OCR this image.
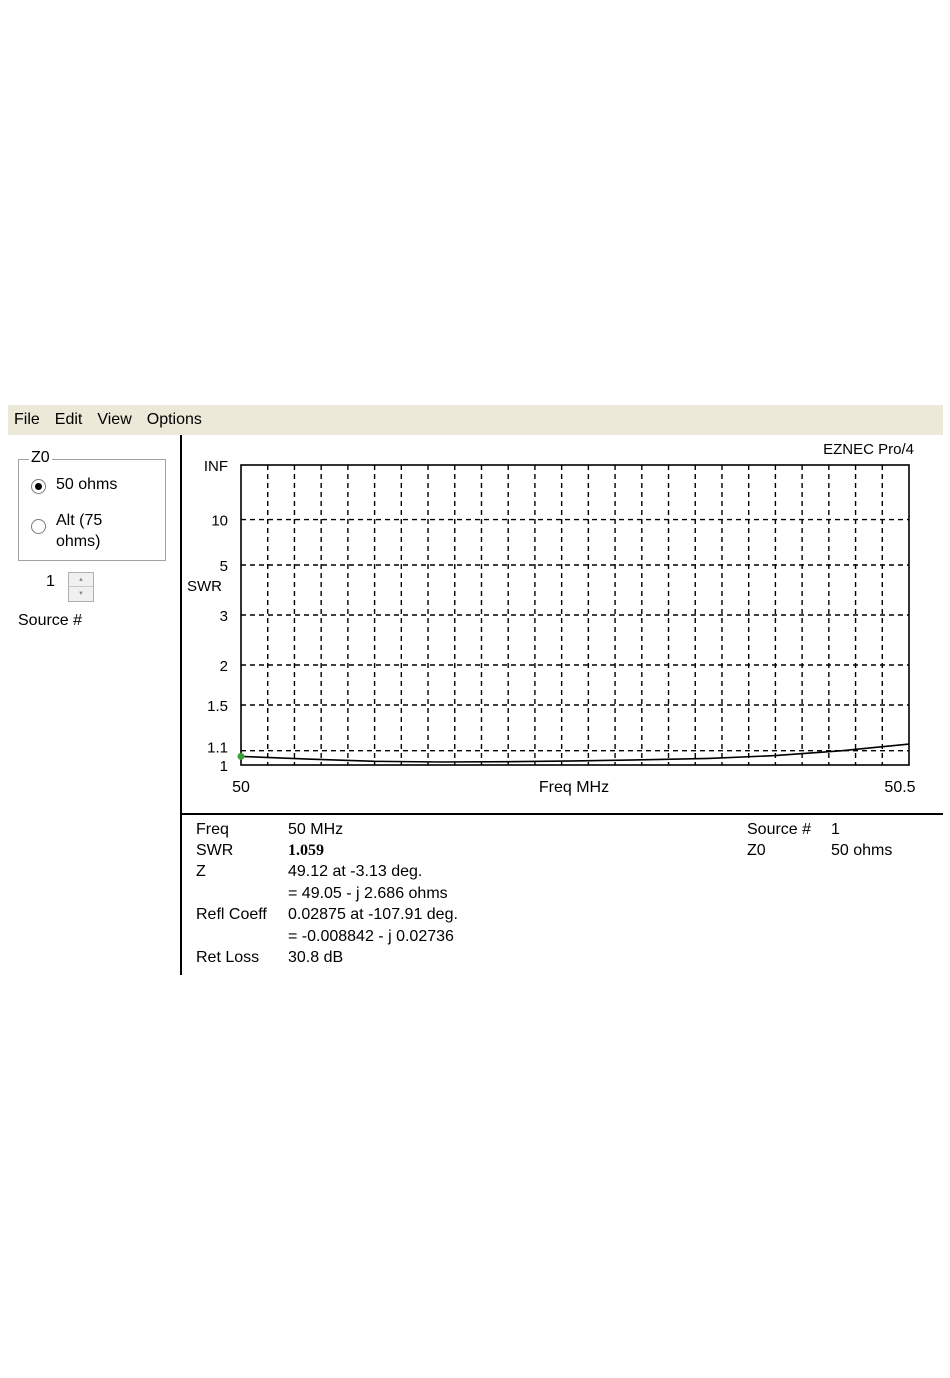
File Edit View Options
Z0
50 ohms
Alt (75
ohms)
1	▲
▼
Source #
EZNEC Pro/4
SWR
Freq MHz
INF
10
5
3
2
1.5
1.1
1
50	50.5
Freq	50 MHz
SWR	1.059
Z	49.12 at -3.13 deg.
= 49.05 - j 2.686 ohms
Refl Coeff 0.02875 at -107.91 deg.
= -0.008842 - j 0.02736
Ret Loss 30.8 dB
Source # 1
Z0	50 ohms
